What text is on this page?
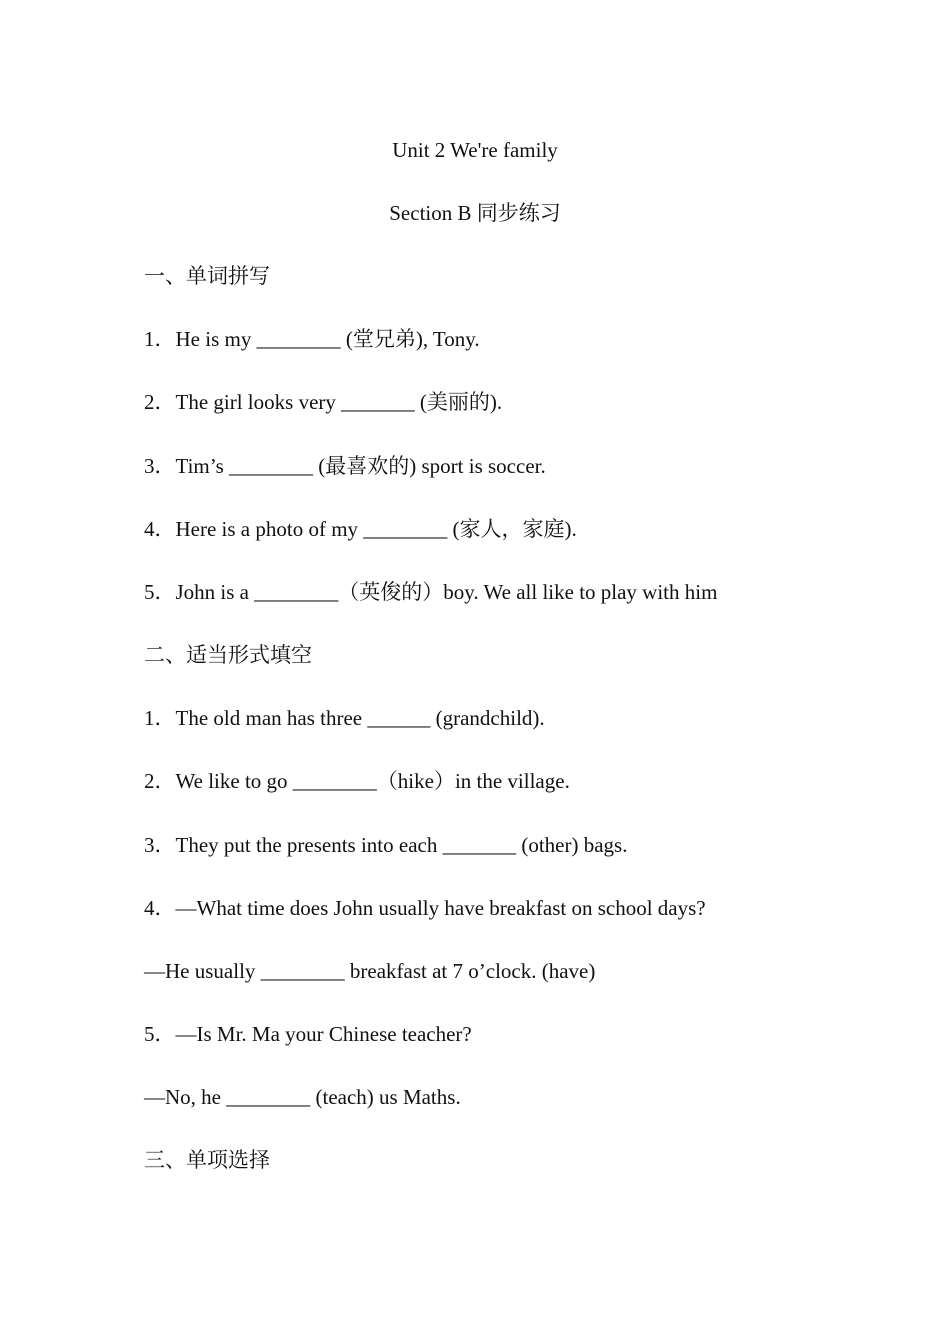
Unit 2 We're family
Section B 同步练习
一、单词拼写
1．He is my ________ (堂兄弟), Tony.
2．The girl looks very _______ (美丽的).
3．Tim’s ________ (最喜欢的) sport is soccer.
4．Here is a photo of my ________ (家人，家庭).
5．John is a ________（英俊的）boy. We all like to play with him
二、适当形式填空
1．The old man has three ______ (grandchild).
2．We like to go ________（hike）in the village.
3．They put the presents into each _______ (other) bags.
4．—What time does John usually have breakfast on school days?
—He usually ________ breakfast at 7 o’clock. (have)
5．—Is Mr. Ma your Chinese teacher?
—No, he ________ (teach) us Maths.
三、单项选择
